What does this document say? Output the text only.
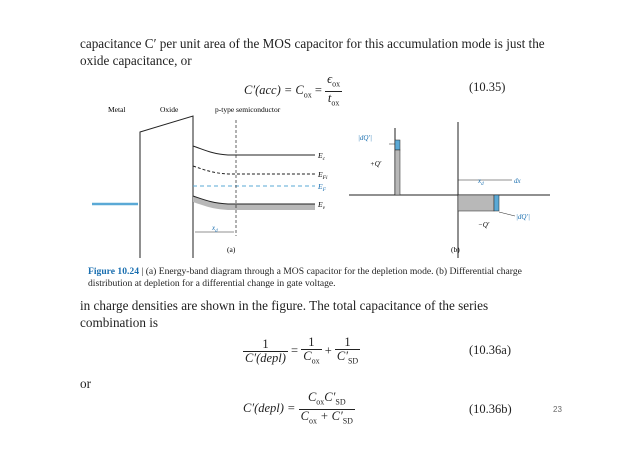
capacitance C′ per unit area of the MOS capacitor for this accumulation mode is just the oxide capacitance, or

$C'(acc) = C_{ox} = \frac{\epsilon_{ox}}{t_{ox}}$	(10.35)
Metal	Oxide	p-type semiconductor
$E_c$
$E_{Fi}$
$E_F$
$E_v$
$x_d$
(a)
|dQ′|
+Q′
$x_d$	dx
−Q′
|dQ′|
(b)

Figure 10.24 | (a) Energy-band diagram through a MOS capacitor for the depletion mode. (b) Differential charge distribution at depletion for a differential change in gate voltage.

in charge densities are shown in the figure. The total capacitance of the series combination is

$\frac{1}{\text{C′(depl)}} = \frac{1}{C_{ox}} + \frac{1}{C'_{SD}}$	(10.36a)
or
C′(depl) = $\frac{C_{ox}C'_{SD}}{C_{ox} + C'_{SD}}$	(10.36b)	23
